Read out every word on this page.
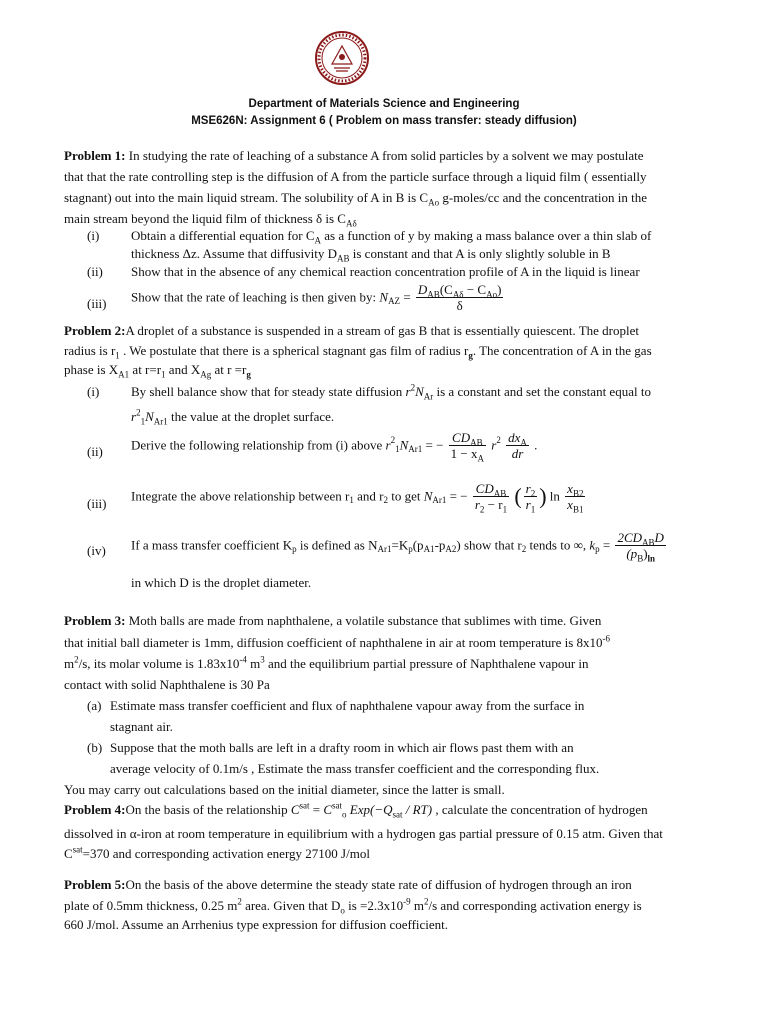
Department of Materials Science and Engineering
MSE626N: Assignment 6 ( Problem on mass transfer: steady diffusion)
Problem 1: In studying the rate of leaching of a substance A from solid particles by a solvent we may postulate
that that the rate controlling step is the diffusion of A from the particle surface through a liquid film ( essentially
stagnant) out into the main liquid stream. The solubility of A in B is $C_{Ao}$ g-moles/cc and the concentration in the
main stream beyond the liquid film of thickness δ is $C_{A\delta}$
(i) Obtain a differential equation for $C_A$ as a function of y by making a mass balance over a thin slab of
thickness Δz. Assume that diffusivity $D_{AB}$ is constant and that A is only slightly soluble in B
(ii) Show that in the absence of any chemical reaction concentration profile of A in the liquid is linear
(iii) Show that the rate of leaching is then given by: $N_{AZ} = \frac{D_{AB}(C_{A\delta} - C_{Ao})}{\delta}$
Problem 2:A droplet of a substance is suspended in a stream of gas B that is essentially quiescent. The droplet
radius is $r_1$ . We postulate that there is a spherical stagnant gas film of radius $r_g$. The concentration of A in the gas
phase is $X_{A1}$ at $r=r_1$ and $X_{Ag}$ at $r =r_g$
(i) By shell balance show that for steady state diffusion $r^2N_{Ar}$ is a constant and set the constant equal to
$r^2_1N_{Ar1}$ the value at the droplet surface.
(ii) Derive the following relationship from (i) above $r^2_1N_{Ar1}$ = − $\frac{CD_{AB}}{1 - x_A} r^2 \frac{dx_A}{dr}$ .
(iii) Integrate the above relationship between $r_1$ and $r_2$ to get $N_{Ar1}$ = − $\frac{CD_{AB}}{r_2 - r_1}$ ( $\frac{r_2}{r_1}$ ) $\ln \frac{x_{B2}}{x_{B1}}$
(iv) If a mass transfer coefficient $K_p$ is defined as $N_{Ar1}=K_p(p_{A1}-p_{A2})$ show that $r_2$ tends to ∞, $k_p = \frac{2CD_{AB}D}{(p_B)_{ln}}$
in which D is the droplet diameter.
Problem 3: Moth balls are made from naphthalene, a volatile substance that sublimes with time. Given
that initial ball diameter is 1mm, diffusion coefficient of naphthalene in air at room temperature is $8x10^{-6}$
$m^2/s$, its molar volume is $1.83x10^{-4}$ $m^3$ and the equilibrium partial pressure of Naphthalene vapour in
contact with solid Naphthalene is 30 Pa
(a) Estimate mass transfer coefficient and flux of naphthalene vapour away from the surface in
stagnant air.
(b) Suppose that the moth balls are left in a drafty room in which air flows past them with an
average velocity of 0.1m/s , Estimate the mass transfer coefficient and the corresponding flux.
You may carry out calculations based on the initial diameter, since the latter is small.
Problem 4:On the basis of the relationship $C^{sat} = C^{sat}_o$ $Exp(-Q_{sat} / RT)$ , calculate the concentration of hydrogen
dissolved in α-iron at room temperature in equilibrium with a hydrogen gas partial pressure of 0.15 atm. Given that
$C^{sat}=370$ and corresponding activation energy 27100 J/mol
Problem 5:On the basis of the above determine the steady state rate of diffusion of hydrogen through an iron
plate of 0.5mm thickness, 0.25 $m^2$ area. Given that $D_o$ is $=2.3x10^{-9}$ $m^2/s$ and corresponding activation energy is
660 J/mol. Assume an Arrhenius type expression for diffusion coefficient.
